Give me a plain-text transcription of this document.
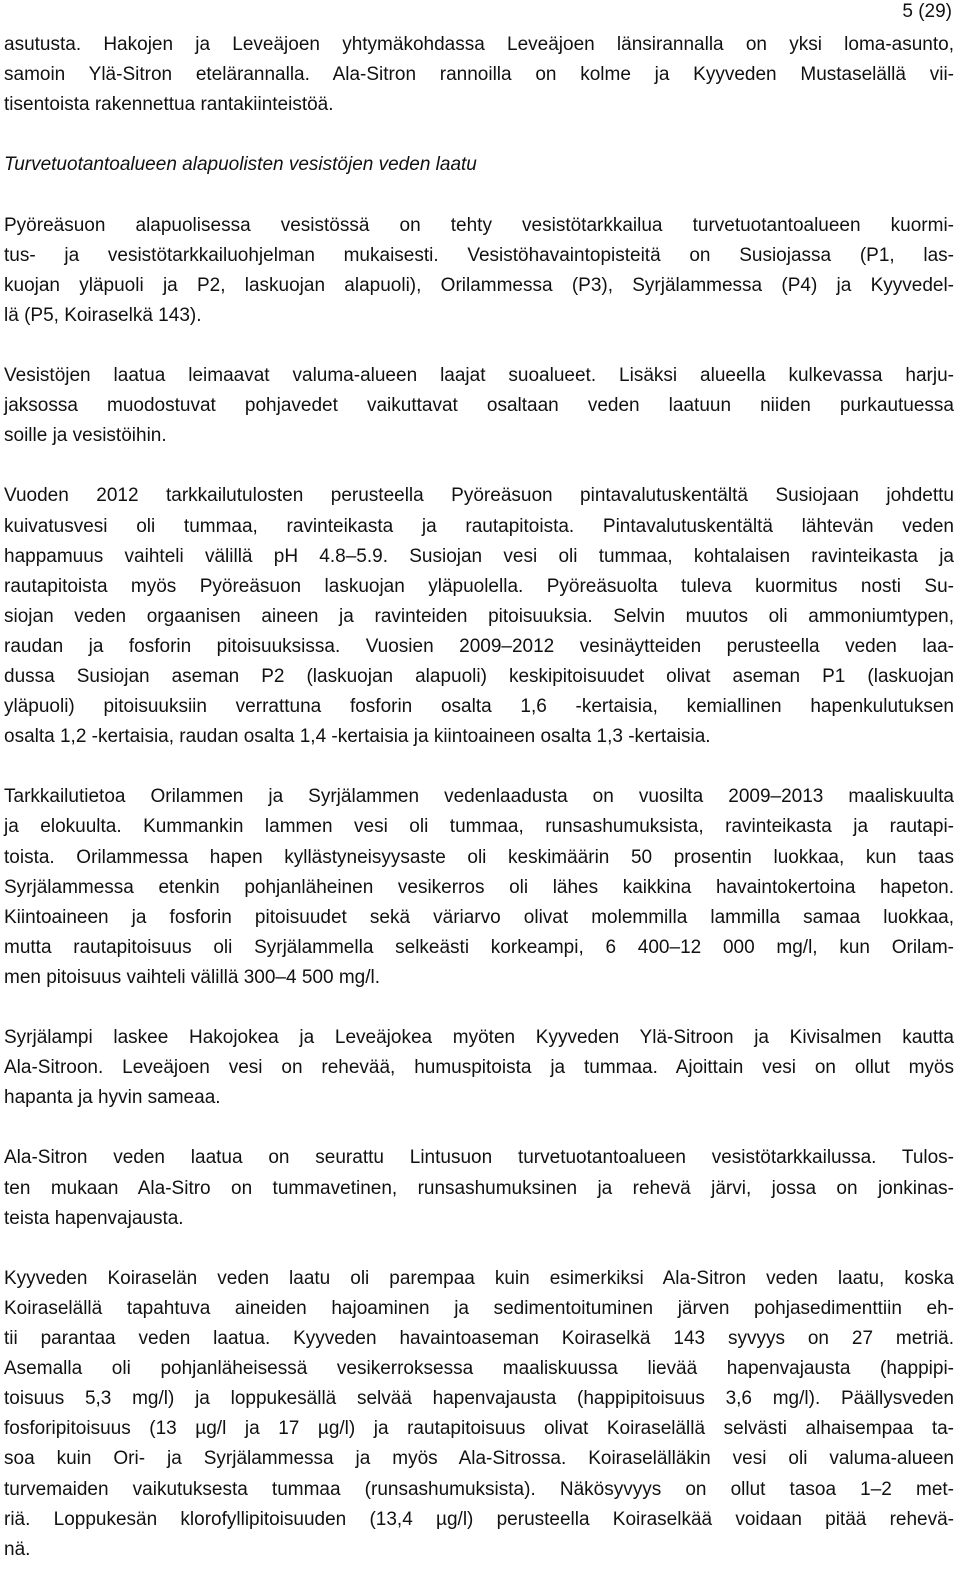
5 (29)
asutusta. Hakojen ja Leveäjoen yhtymäkohdassa Leveäjoen länsirannalla on yksi loma-asunto,
samoin Ylä-Sitron etelärannalla. Ala-Sitron rannoilla on kolme ja Kyyveden Mustaselällä vii-
tisentoista rakennettua rantakiinteistöä.
Turvetuotantoalueen alapuolisten vesistöjen veden laatu
Pyöreäsuon alapuolisessa vesistössä on tehty vesistötarkkailua turvetuotantoalueen kuormi-
tus- ja vesistötarkkailuohjelman mukaisesti. Vesistöhavaintopisteitä on Susiojassa (P1, las-
kuojan yläpuoli ja P2, laskuojan alapuoli), Orilammessa (P3), Syrjälammessa (P4) ja Kyyvedel-
lä (P5, Koiraselkä 143).
Vesistöjen laatua leimaavat valuma-alueen laajat suoalueet. Lisäksi alueella kulkevassa harju-
jaksossa muodostuvat pohjavedet vaikuttavat osaltaan veden laatuun niiden purkautuessa
soille ja vesistöihin.
Vuoden 2012 tarkkailutulosten perusteella Pyöreäsuon pintavalutuskentältä Susiojaan johdettu
kuivatusvesi oli tummaa, ravinteikasta ja rautapitoista. Pintavalutuskentältä lähtevän veden
happamuus vaihteli välillä pH 4.8–5.9. Susiojan vesi oli tummaa, kohtalaisen ravinteikasta ja
rautapitoista myös Pyöreäsuon laskuojan yläpuolella. Pyöreäsuolta tuleva kuormitus nosti Su-
siojan veden orgaanisen aineen ja ravinteiden pitoisuuksia. Selvin muutos oli ammoniumtypen,
raudan ja fosforin pitoisuuksissa. Vuosien 2009–2012 vesinäytteiden perusteella veden laa-
dussa Susiojan aseman P2 (laskuojan alapuoli) keskipitoisuudet olivat aseman P1 (laskuojan
yläpuoli) pitoisuuksiin verrattuna fosforin osalta 1,6 -kertaisia, kemiallinen hapenkulutuksen
osalta 1,2 -kertaisia, raudan osalta 1,4 -kertaisia ja kiintoaineen osalta 1,3 -kertaisia.
Tarkkailutietoa Orilammen ja Syrjälammen vedenlaadusta on vuosilta 2009–2013 maaliskuulta
ja elokuulta. Kummankin lammen vesi oli tummaa, runsashumuksista, ravinteikasta ja rautapi-
toista. Orilammessa hapen kyllästyneisyysaste oli keskimäärin 50 prosentin luokkaa, kun taas
Syrjälammessa etenkin pohjanläheinen vesikerros oli lähes kaikkina havaintokertoina hapeton.
Kiintoaineen ja fosforin pitoisuudet sekä väriarvo olivat molemmilla lammilla samaa luokkaa,
mutta rautapitoisuus oli Syrjälammella selkeästi korkeampi, 6 400–12 000 mg/l, kun Orilam-
men pitoisuus vaihteli välillä 300–4 500 mg/l.
Syrjälampi laskee Hakojokea ja Leveäjokea myöten Kyyveden Ylä-Sitroon ja Kivisalmen kautta
Ala-Sitroon. Leveäjoen vesi on rehevää, humuspitoista ja tummaa. Ajoittain vesi on ollut myös
hapanta ja hyvin sameaa.
Ala-Sitron veden laatua on seurattu Lintusuon turvetuotantoalueen vesistötarkkailussa. Tulos-
ten mukaan Ala-Sitro on tummavetinen, runsashumuksinen ja rehevä järvi, jossa on jonkinas-
teista hapenvajausta.
Kyyveden Koiraselän veden laatu oli parempaa kuin esimerkiksi Ala-Sitron veden laatu, koska
Koiraselällä tapahtuva aineiden hajoaminen ja sedimentoituminen järven pohjasedimenttiin eh-
tii parantaa veden laatua. Kyyveden havaintoaseman Koiraselkä 143 syvyys on 27 metriä.
Asemalla oli pohjanläheisessä vesikerroksessa maaliskuussa lievää hapenvajausta (happipi-
toisuus 5,3 mg/l) ja loppukesällä selvää hapenvajausta (happipitoisuus 3,6 mg/l). Päällysveden
fosforipitoisuus (13 µg/l ja 17 µg/l) ja rautapitoisuus olivat Koiraselällä selvästi alhaisempaa ta-
soa kuin Ori- ja Syrjälammessa ja myös Ala-Sitrossa. Koiraselälläkin vesi oli valuma-alueen
turvemaiden vaikutuksesta tummaa (runsashumuksista). Näkösyvyys on ollut tasoa 1–2 met-
riä. Loppukesän klorofyllipitoisuuden (13,4 µg/l) perusteella Koiraselkää voidaan pitää rehevä-
nä.
